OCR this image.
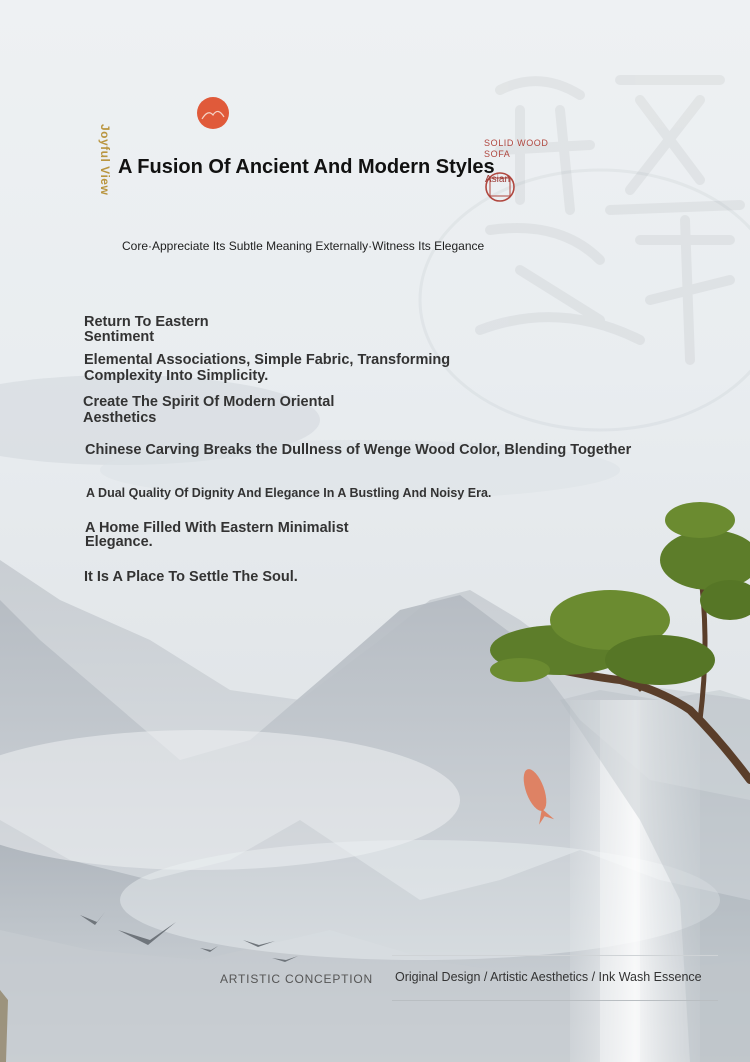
Joyful View A Fusion Of Ancient And Modern Styles
SOLID WOOD
SOFA
Asian
Core·Appreciate Its Subtle Meaning Externally·Witness Its Elegance
Return To Eastern
Sentiment
Elemental Associations, Simple Fabric, Transforming
Complexity Into Simplicity.
Create The Spirit Of Modern Oriental
Aesthetics
Chinese Carving Breaks the Dullness of Wenge Wood Color, Blending Together
A Dual Quality Of Dignity And Elegance In A Bustling And Noisy Era.
A Home Filled With Eastern Minimalist
Elegance.
It Is A Place To Settle The Soul.
ARTISTIC CONCEPTION Original Design / Artistic Aesthetics / Ink Wash Essence
